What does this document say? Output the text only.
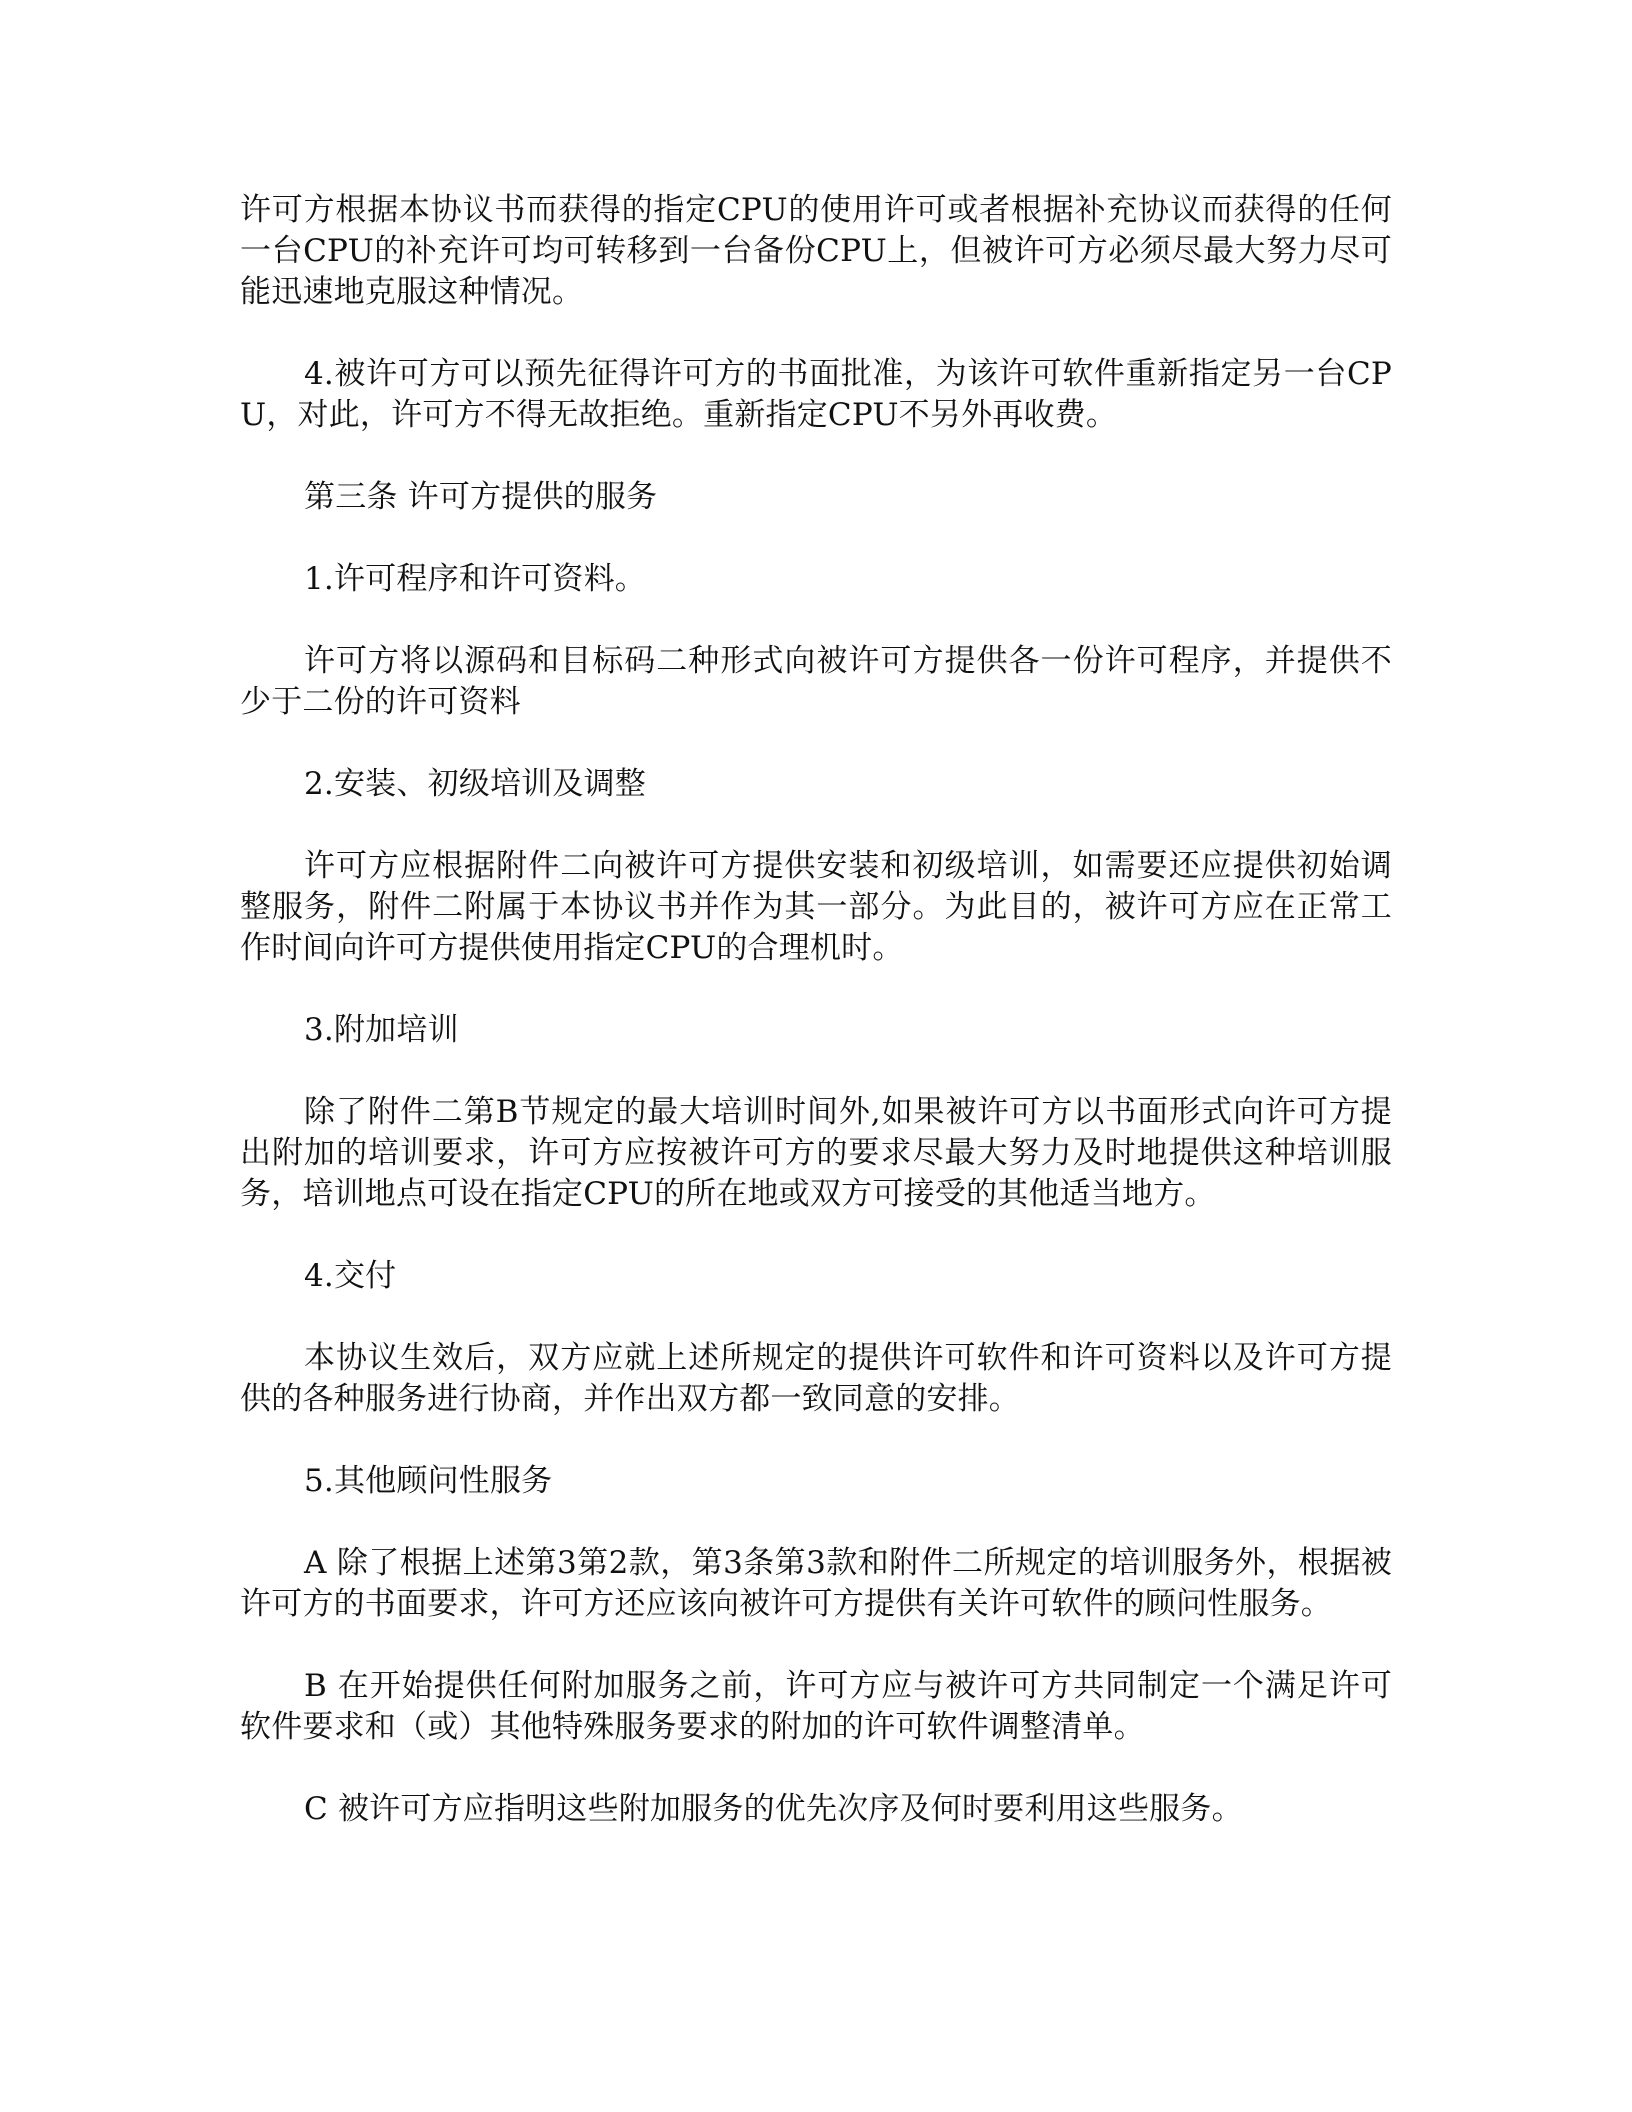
许可方根据本协议书而获得的指定CPU的使用许可或者根据补充协议而获得的任何一台CPU的补充许可均可转移到一台备份CPU上，但被许可方必须尽最大努力尽可能迅速地克服这种情况。

4.被许可方可以预先征得许可方的书面批准，为该许可软件重新指定另一台CPU，对此，许可方不得无故拒绝。重新指定CPU不另外再收费。

第三条 许可方提供的服务

1.许可程序和许可资料。

许可方将以源码和目标码二种形式向被许可方提供各一份许可程序，并提供不少于二份的许可资料

2.安装、初级培训及调整

许可方应根据附件二向被许可方提供安装和初级培训，如需要还应提供初始调整服务，附件二附属于本协议书并作为其一部分。为此目的，被许可方应在正常工作时间向许可方提供使用指定CPU的合理机时。

3.附加培训

除了附件二第B节规定的最大培训时间外,如果被许可方以书面形式向许可方提出附加的培训要求，许可方应按被许可方的要求尽最大努力及时地提供这种培训服务，培训地点可设在指定CPU的所在地或双方可接受的其他适当地方。

4.交付

本协议生效后，双方应就上述所规定的提供许可软件和许可资料以及许可方提供的各种服务进行协商，并作出双方都一致同意的安排。

5.其他顾问性服务

A 除了根据上述第3第2款，第3条第3款和附件二所规定的培训服务外，根据被许可方的书面要求，许可方还应该向被许可方提供有关许可软件的顾问性服务。

B 在开始提供任何附加服务之前，许可方应与被许可方共同制定一个满足许可软件要求和（或）其他特殊服务要求的附加的许可软件调整清单。

C 被许可方应指明这些附加服务的优先次序及何时要利用这些服务。
